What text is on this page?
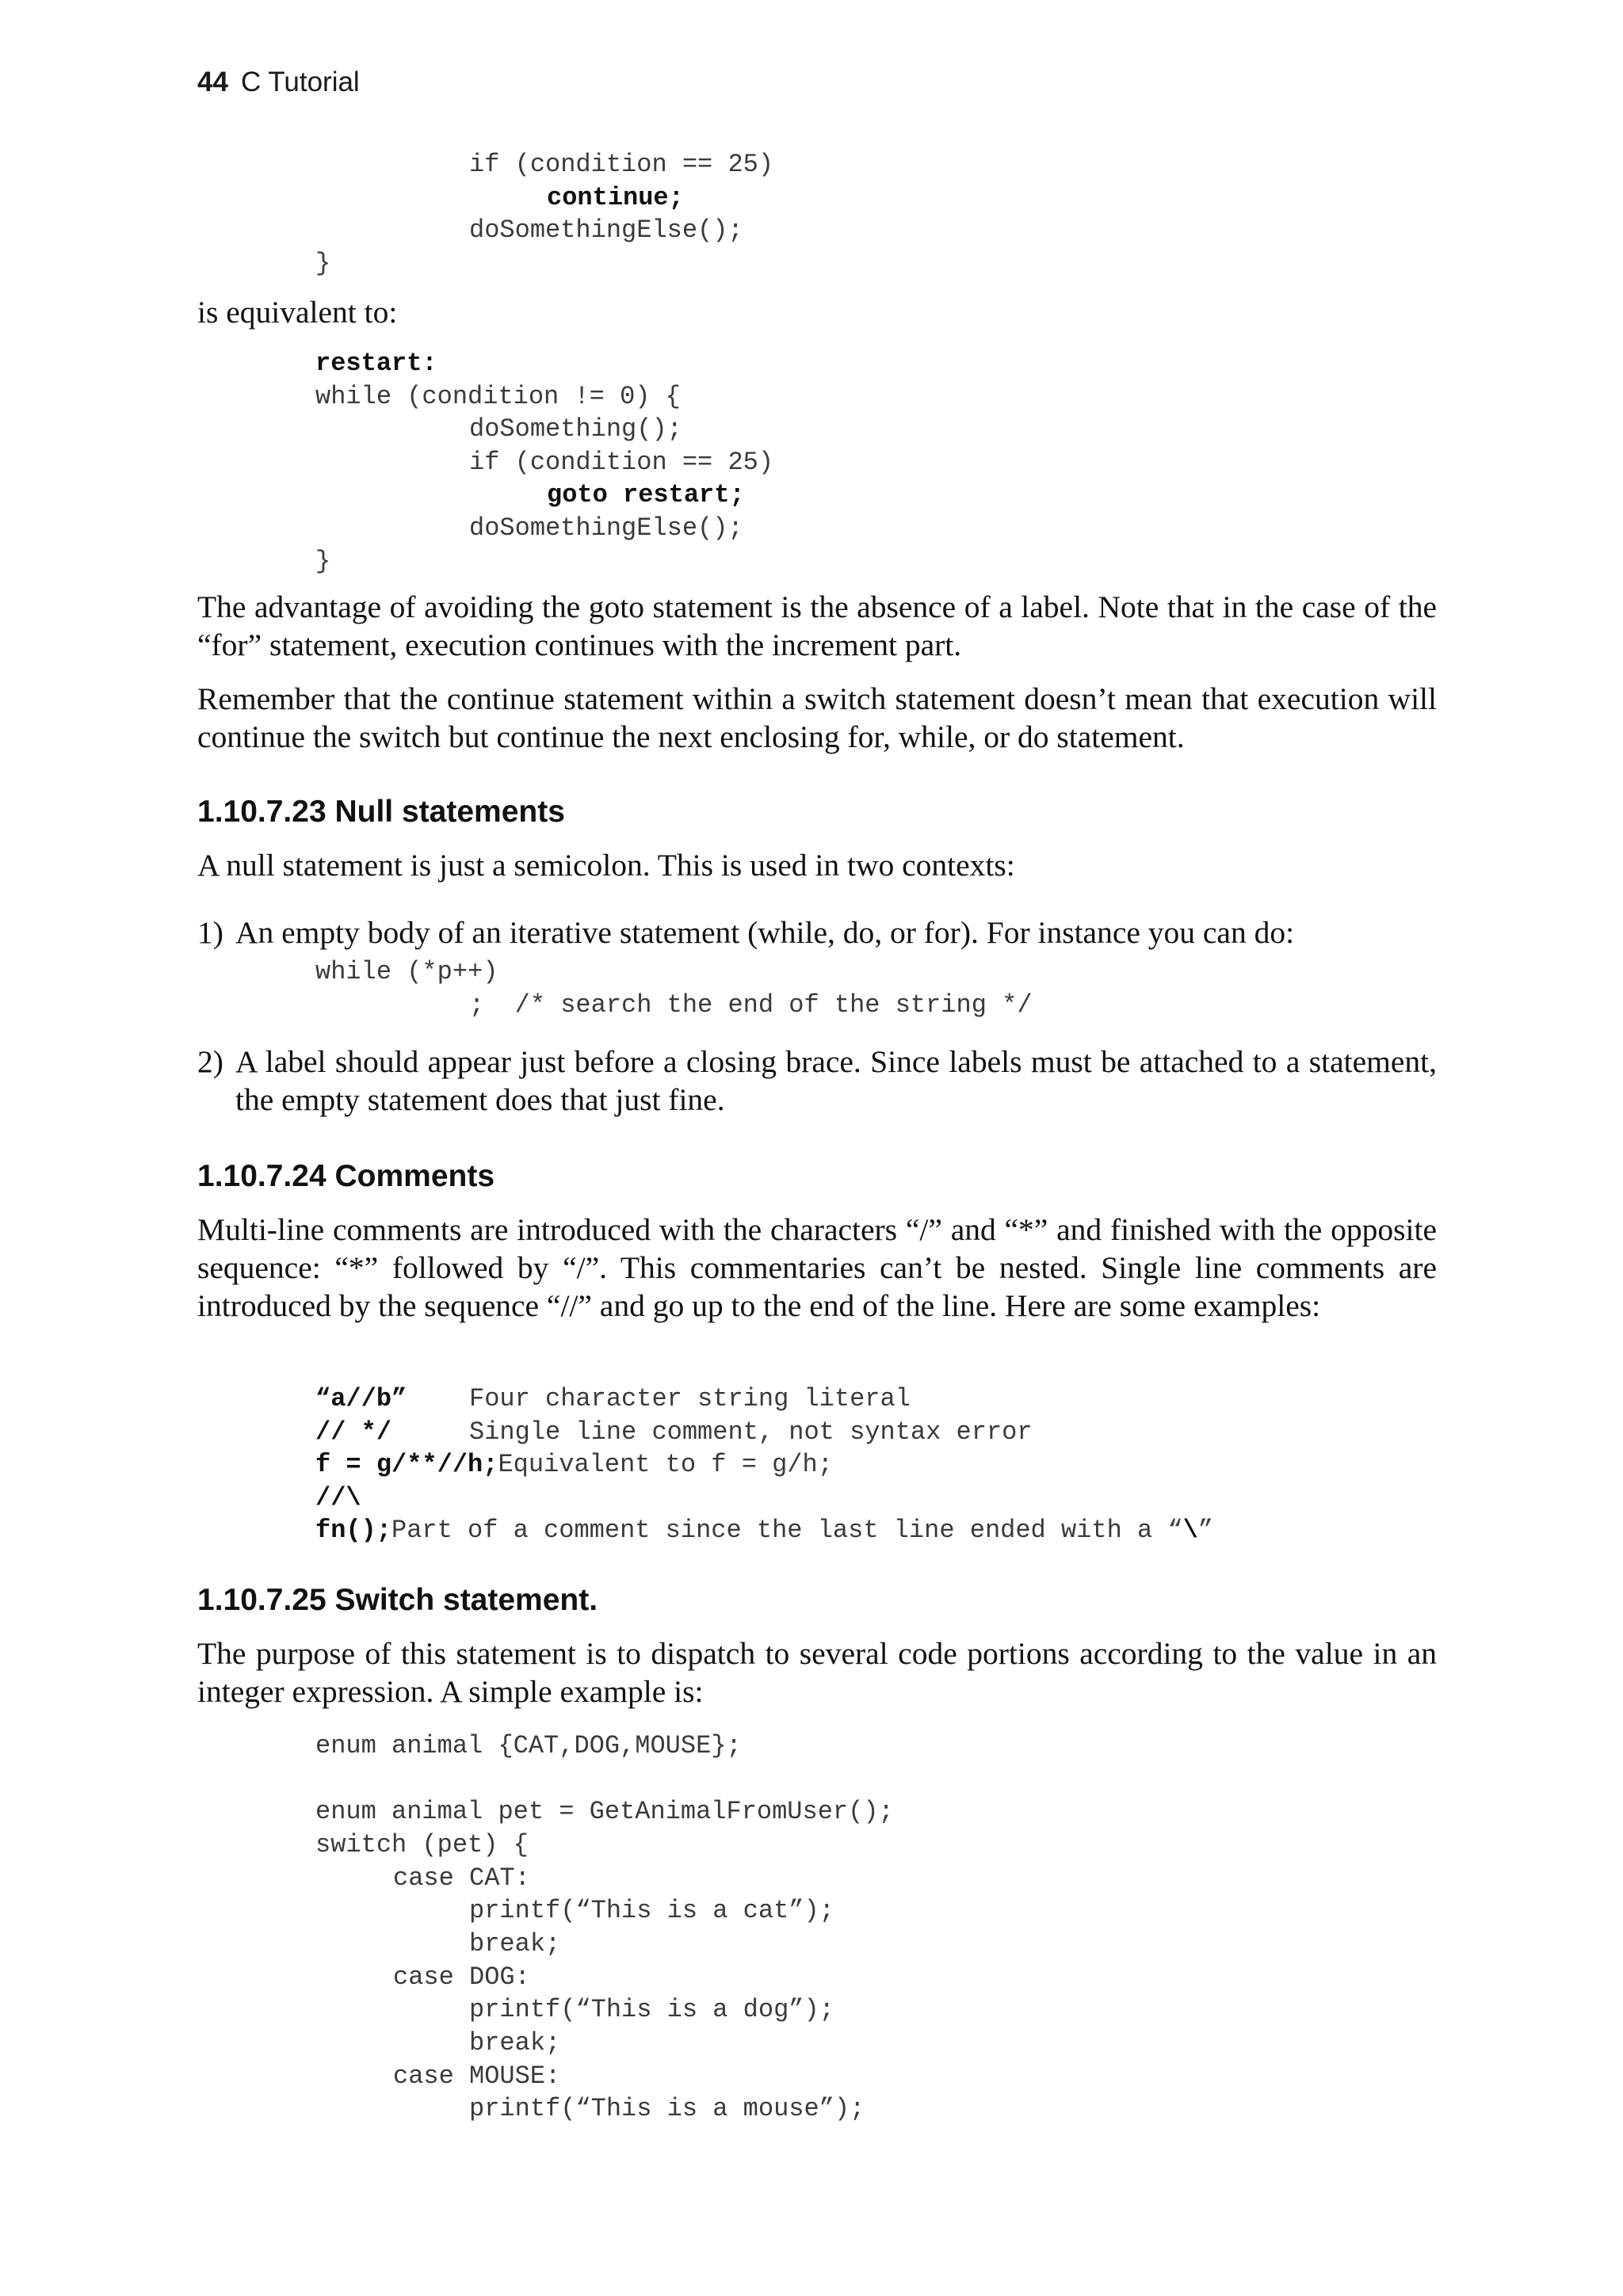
44 C Tutorial
if (condition == 25)
continue;
doSomethingElse();
}

is equivalent to:

restart:
while (condition != 0) {
doSomething();
if (condition == 25)
goto restart;
doSomethingElse();
}

The advantage of avoiding the goto statement is the absence of a label. Note that in the case of the “for” statement, execution continues with the increment part.

Remember that the continue statement within a switch statement doesn’t mean that execution will continue the switch but continue the next enclosing for, while, or do statement.

1.10.7.23 Null statements

A null statement is just a semicolon. This is used in two contexts:

1) An empty body of an iterative statement (while, do, or for). For instance you can do:
while (*p++)
;  /* search the end of the string */
2) A label should appear just before a closing brace. Since labels must be attached to a statement, the empty statement does that just fine.
1.10.7.24 Comments

Multi-line comments are introduced with the characters “/” and “*” and finished with the opposite sequence: “*” followed by “/”. This commentaries can’t be nested. Single line comments are introduced by the sequence “//” and go up to the end of the line. Here are some examples:

“a//b” Four character string literal
// */	Single line comment, not syntax error
f = g/**//h;Equivalent to f = g/h;
//\
fn();Part of a comment since the last line ended with a “\”
1.10.7.25 Switch statement.

The purpose of this statement is to dispatch to several code portions according to the value in an integer expression. A simple example is:

enum animal {CAT,DOG,MOUSE};
enum animal pet = GetAnimalFromUser();
switch (pet) {
case CAT:
printf(“This is a cat”);
break;
case DOG:
printf(“This is a dog”);
break;
case MOUSE:
printf(“This is a mouse”);
